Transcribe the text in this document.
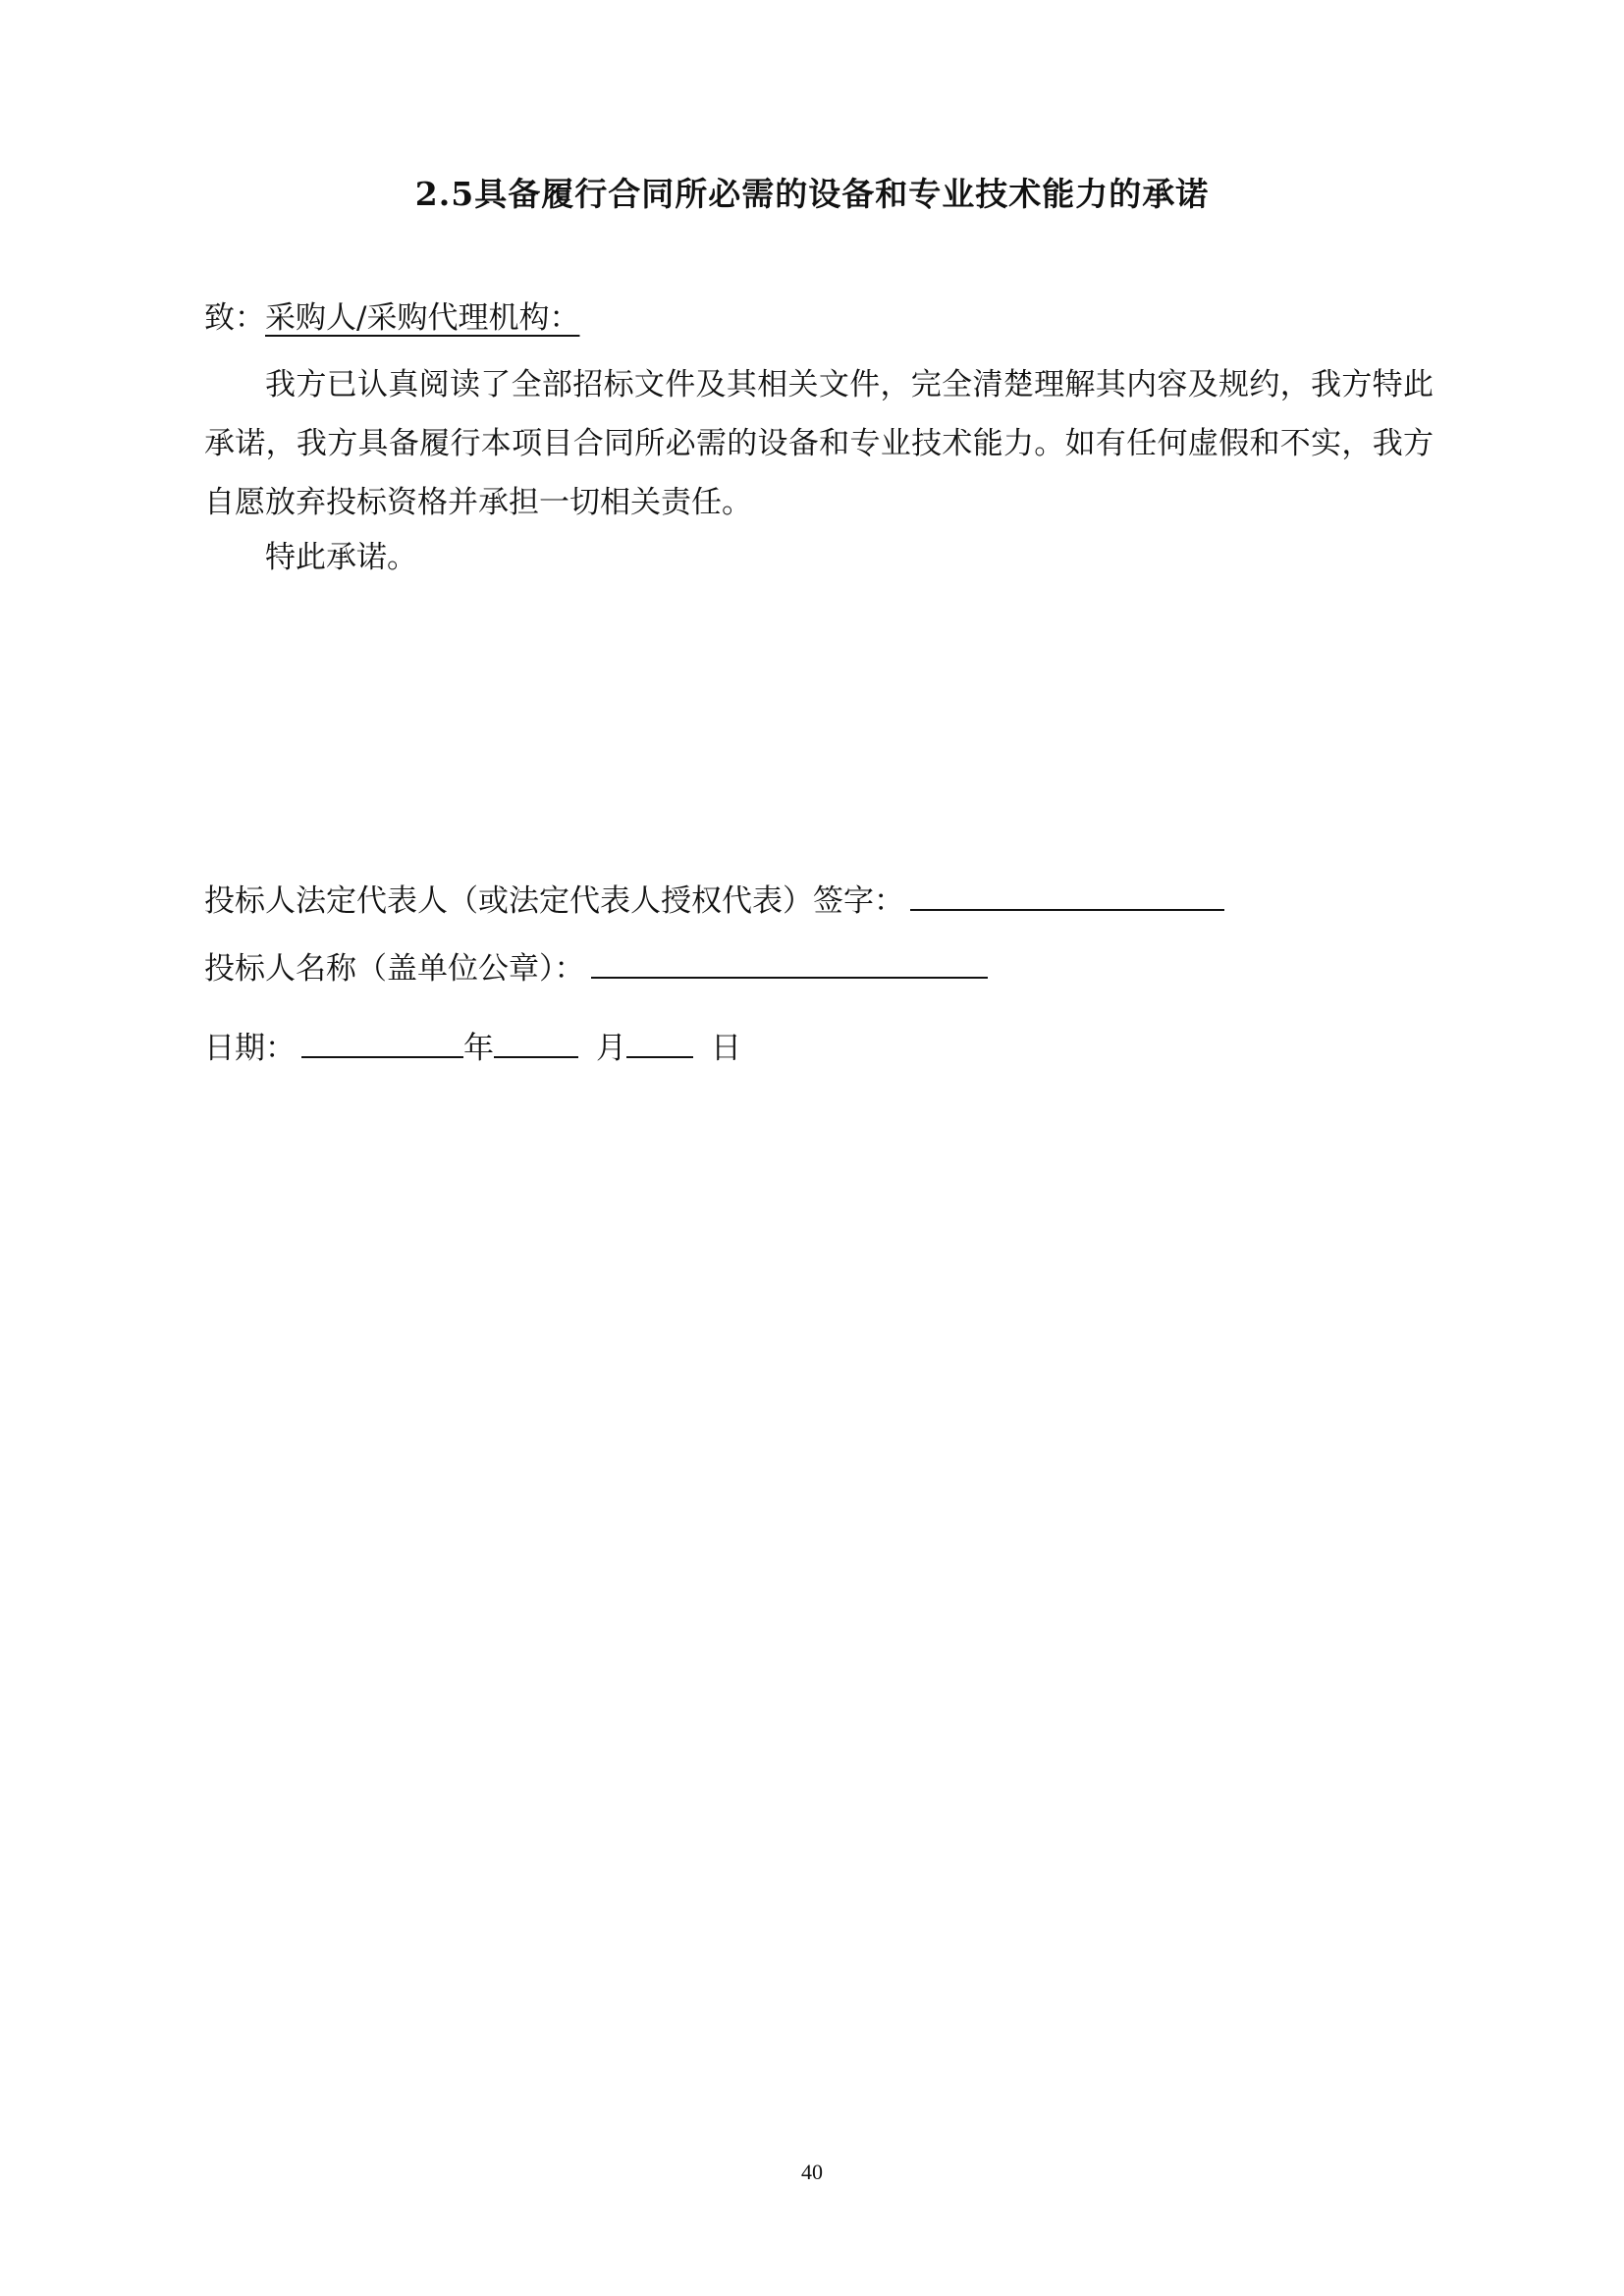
2.5具备履行合同所必需的设备和专业技术能力的承诺
致：采购人/采购代理机构：

我方已认真阅读了全部招标文件及其相关文件，完全清楚理解其内容及规约，我方特此承诺，我方具备履行本项目合同所必需的设备和专业技术能力。如有任何虚假和不实，我方自愿放弃投标资格并承担一切相关责任。

特此承诺。
投标人法定代表人（或法定代表人授权代表）签字：
投标人名称（盖单位公章）：
日期：	年	月	日
40
